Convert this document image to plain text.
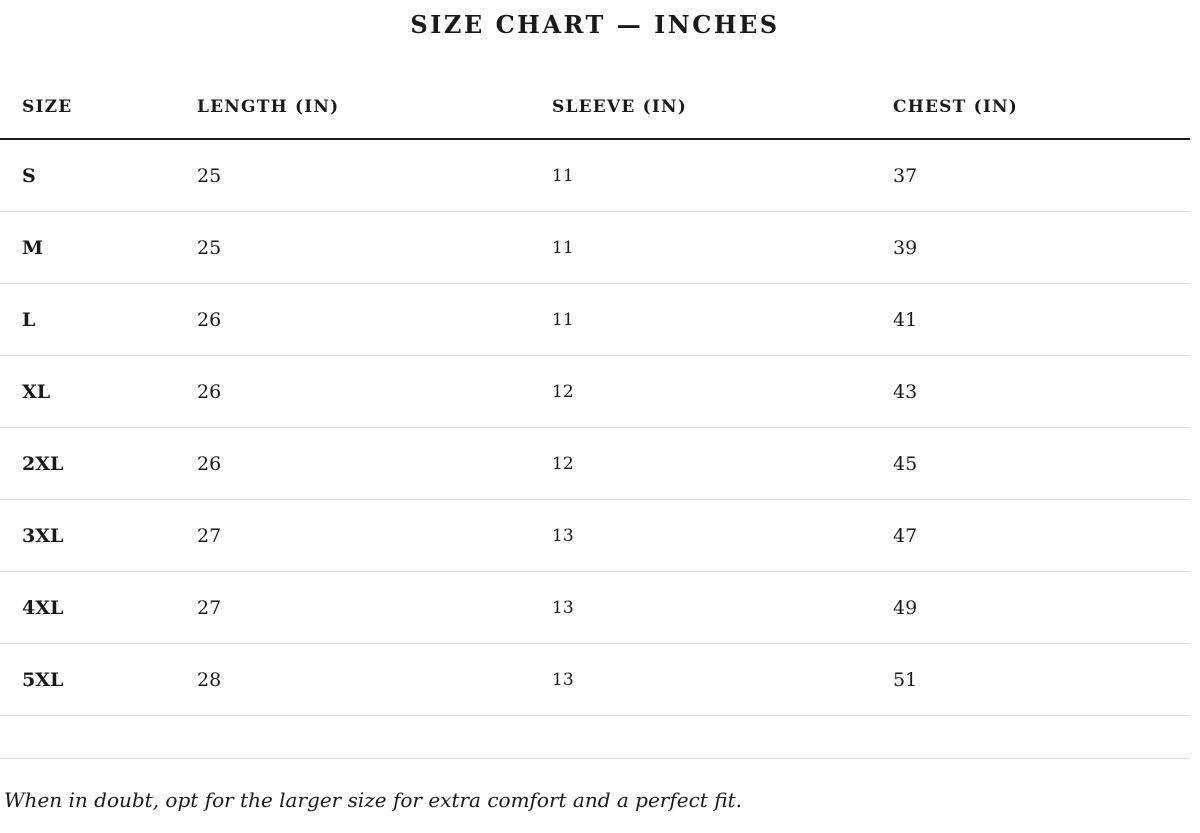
SIZE CHART — INCHES
SIZE	LENGTH (IN)	SLEEVE (IN)	CHEST (IN)
S	25	11	37
M	25	11	39
L	26	11	41
XL	26	12	43
2XL	26	12	45
3XL	27	13	47
4XL	27	13	49
5XL	28	13	51
When in doubt, opt for the larger size for extra comfort and a perfect fit.
